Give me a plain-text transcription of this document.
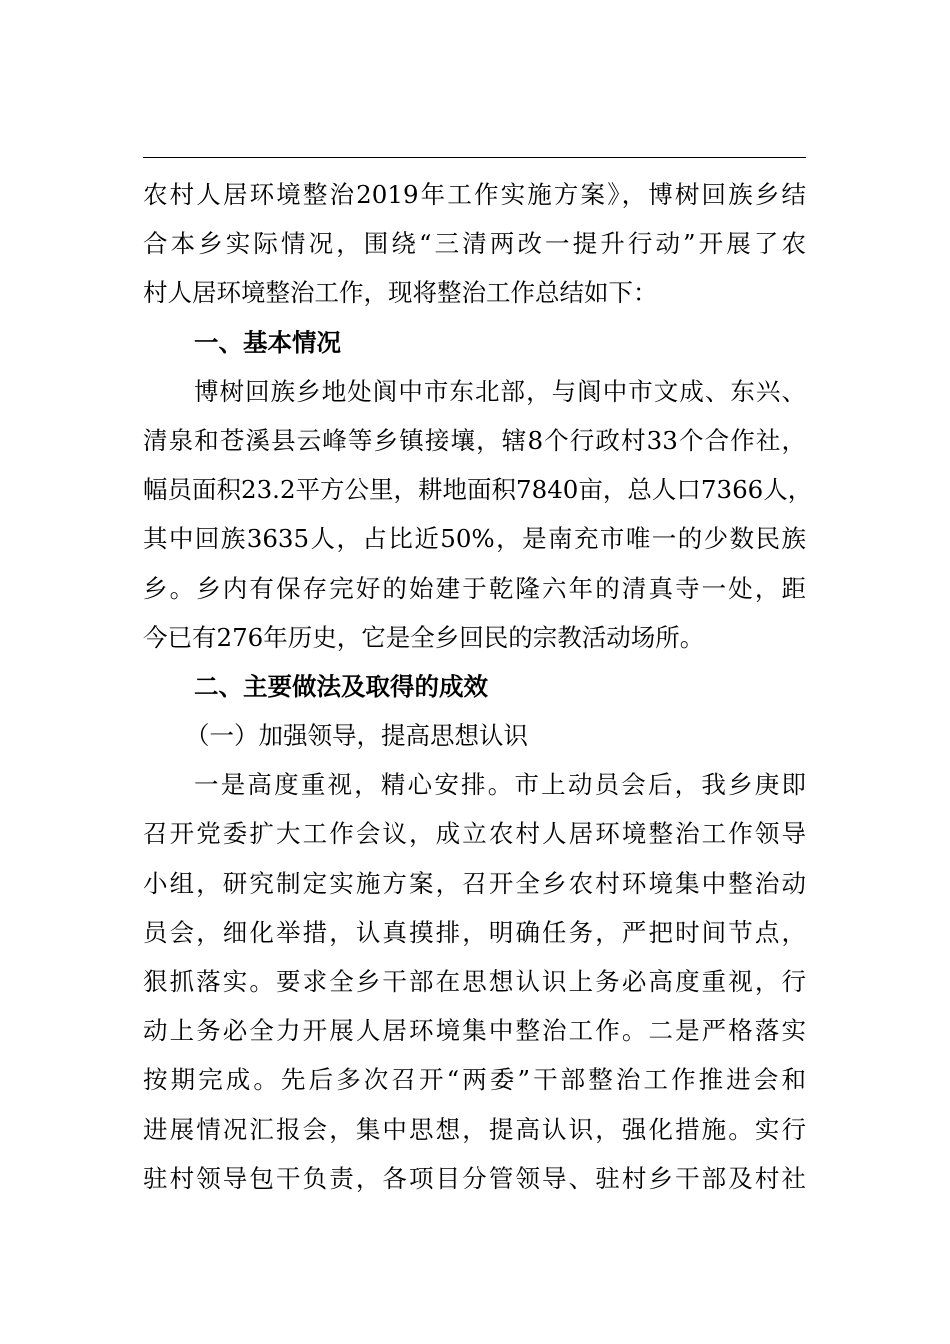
农村人居环境整治2019年工作实施方案》，博树回族乡结
合本乡实际情况，围绕“三清两改一提升行动”开展了农
村人居环境整治工作，现将整治工作总结如下：
一、基本情况
博树回族乡地处阆中市东北部，与阆中市文成、东兴、
清泉和苍溪县云峰等乡镇接壤，辖8个行政村33个合作社，
幅员面积23.2平方公里，耕地面积7840亩，总人口7366人，
其中回族3635人，占比近50%，是南充市唯一的少数民族
乡。乡内有保存完好的始建于乾隆六年的清真寺一处，距
今已有276年历史，它是全乡回民的宗教活动场所。
二、主要做法及取得的成效
（一）加强领导，提高思想认识
一是高度重视，精心安排。市上动员会后，我乡庚即
召开党委扩大工作会议，成立农村人居环境整治工作领导
小组，研究制定实施方案，召开全乡农村环境集中整治动
员会，细化举措，认真摸排，明确任务，严把时间节点，
狠抓落实。要求全乡干部在思想认识上务必高度重视，行
动上务必全力开展人居环境集中整治工作。二是严格落实
按期完成。先后多次召开“两委”干部整治工作推进会和
进展情况汇报会，集中思想，提高认识，强化措施。实行
驻村领导包干负责，各项目分管领导、驻村乡干部及村社
